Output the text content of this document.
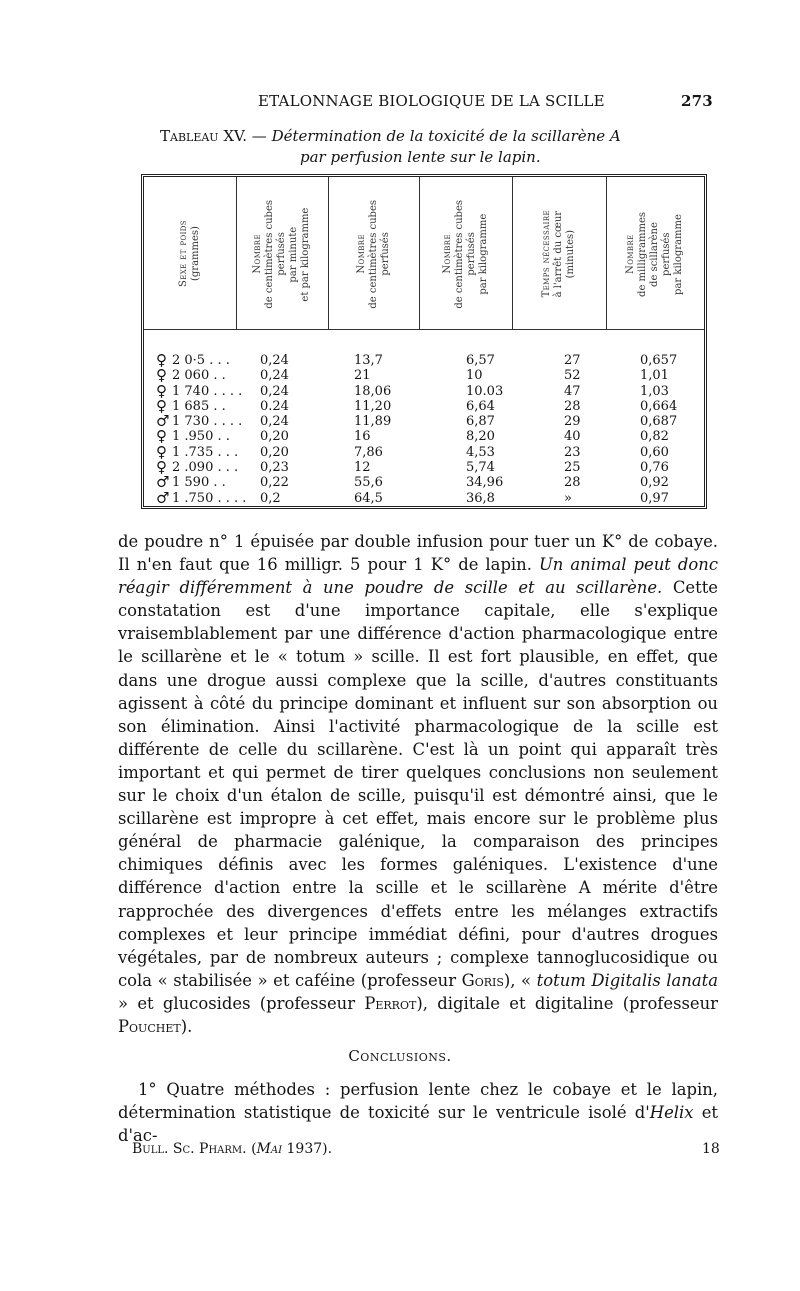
ETALONNAGE BIOLOGIQUE DE LA SCILLE	273
Tableau XV. — Détermination de la toxicité de la scillarène A
par perfusion lente sur le lapin.
Sexe et poids
(grammes)	Nombre
de centimètres cubes
perfusés
par minute
et par kilogramme	Nombre
de centimètres cubes
perfusés	Nombre
de centimètres cubes
perfusés
par kilogramme	Temps nécessaire
à l'arrêt du cœur
(minutes)	Nombre
de milligrammes
de scillarène
perfusés
par kilogramme
♀ 2 0·5 . . . 0,24	13,7	6,57	27	0,657
♀ 2 060 . .	0,24	21	10	52	1,01
♀ 1 740 . . . . 0,24	18,06	10.03	47	1,03
♀ 1 685 . .	0.24	11,20	6,64	28	0,664
♂ 1 730 . . . . 0,24	11,89	6,87	29	0,687
♀ 1 .950 . . 0,20	16	8,20	40	0,82
♀ 1 .735 . . . 0,20	7,86	4,53	23	0,60
♀ 2 .090 . . . 0,23	12	5,74	25	0,76
♂ 1 590 . .	0,22	55,6	34,96	28	0,92
♂ 1 .750 . . . . 0,2	64,5	36,8	»	0,97

de poudre n° 1 épuisée par double infusion pour tuer un K° de cobaye. Il n'en faut que 16 milligr. 5 pour 1 K° de lapin. Un animal peut donc réagir différemment à une poudre de scille et au scillarène. Cette constatation est d'une importance capitale, elle s'explique vraisemblablement par une différence d'action pharmacologique entre le scillarène et le « totum » scille. Il est fort plausible, en effet, que dans une drogue aussi complexe que la scille, d'autres constituants agissent à côté du principe dominant et influent sur son absorption ou son élimination. Ainsi l'activité pharmacologique de la scille est différente de celle du scillarène. C'est là un point qui apparaît très important et qui permet de tirer quelques conclusions non seulement sur le choix d'un étalon de scille, puisqu'il est démontré ainsi, que le scillarène est impropre à cet effet, mais encore sur le problème plus général de pharmacie galénique, la comparaison des principes chimiques définis avec les formes galéniques. L'existence d'une différence d'action entre la scille et le scillarène A mérite d'être rapprochée des divergences d'effets entre les mélanges extractifs complexes et leur principe immédiat défini, pour d'autres drogues végétales, par de nombreux auteurs ; complexe tannoglucosidique ou cola « stabilisée » et caféine (professeur Goris), « totum Digitalis lanata » et glucosides (professeur Perrot), digitale et digitaline (professeur Pouchet).

Conclusions.
1° Quatre méthodes : perfusion lente chez le cobaye et le lapin, détermination statistique de toxicité sur le ventricule isolé d'Helix et d'ac-
Bull. Sc. Pharm. (Mai 1937).	18
